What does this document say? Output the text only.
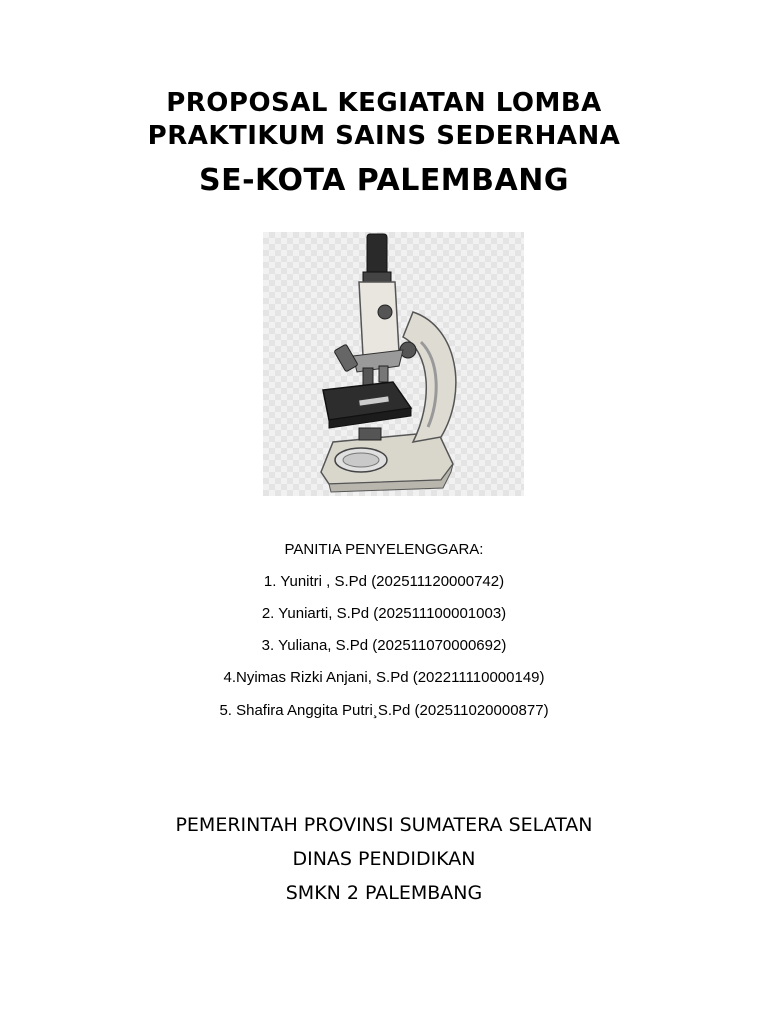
PROPOSAL KEGIATAN LOMBA
PRAKTIKUM SAINS SEDERHANA
SE-KOTA PALEMBANG
PANITIA PENYELENGGARA:
1. Yunitri , S.Pd (202511120000742)
2. Yuniarti, S.Pd (202511100001003)
3. Yuliana, S.Pd (202511070000692)
4.Nyimas Rizki Anjani, S.Pd (202211110000149)
5. Shafira Anggita Putri¸S.Pd (202511020000877)
PEMERINTAH PROVINSI SUMATERA SELATAN
DINAS PENDIDIKAN
SMKN 2 PALEMBANG
